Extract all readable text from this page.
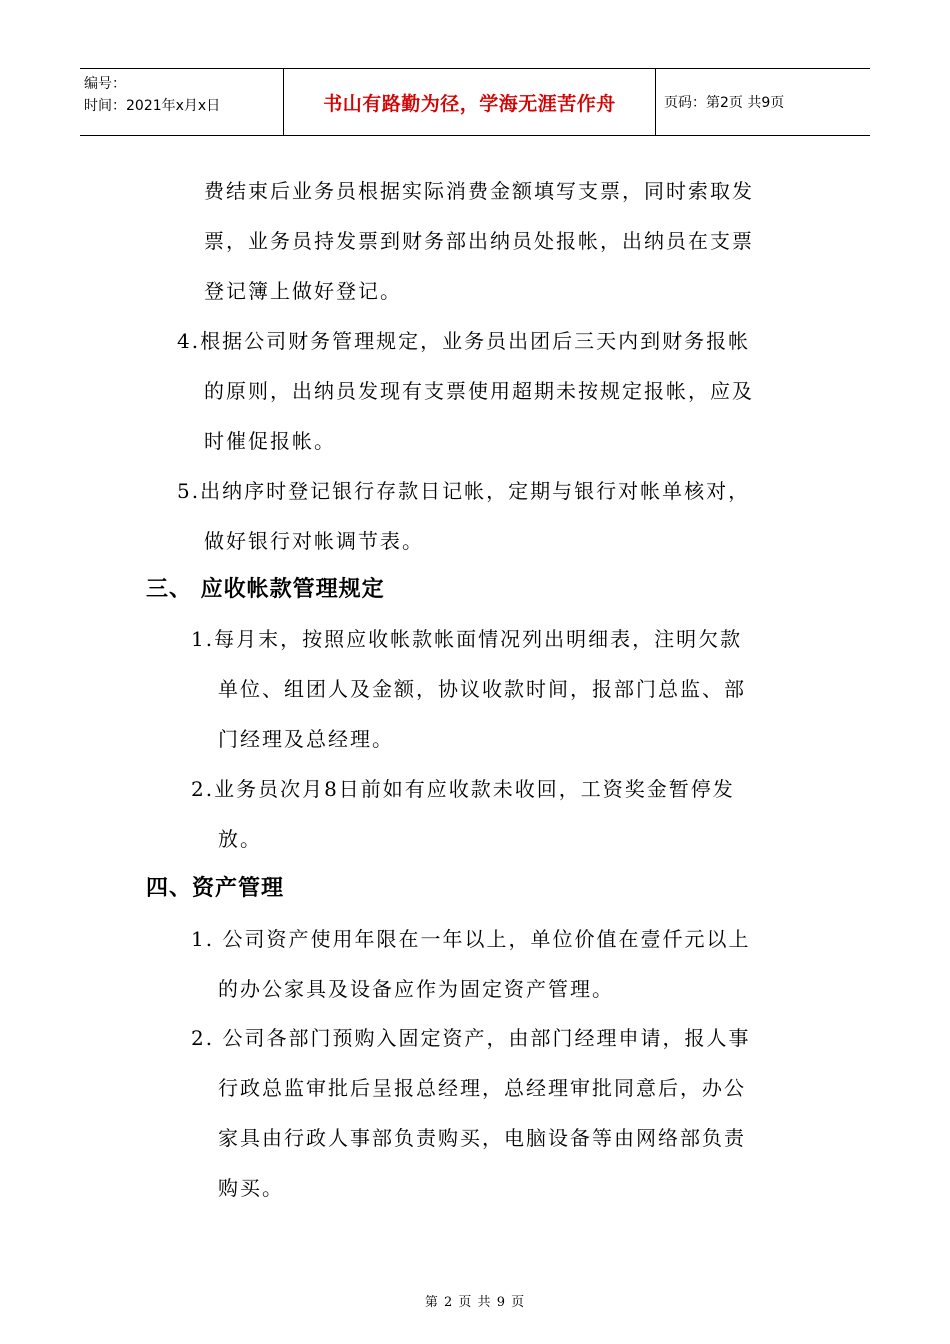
编号：
时间：2021年x月x日	书山有路勤为径，学海无涯苦作舟	页码：第2页 共9页
费结束后业务员根据实际消费金额填写支票，同时索取发
票，业务员持发票到财务部出纳员处报帐，出纳员在支票
登记簿上做好登记。
4.根据公司财务管理规定，业务员出团后三天内到财务报帐
的原则，出纳员发现有支票使用超期未按规定报帐，应及
时催促报帐。
5.出纳序时登记银行存款日记帐，定期与银行对帐单核对，
做好银行对帐调节表。
三、 应收帐款管理规定
1.每月末，按照应收帐款帐面情况列出明细表，注明欠款
单位、组团人及金额，协议收款时间，报部门总监、部
门经理及总经理。
2.业务员次月8日前如有应收款未收回，工资奖金暂停发
放。
四、资产管理
1. 公司资产使用年限在一年以上，单位价值在壹仟元以上
的办公家具及设备应作为固定资产管理。
2. 公司各部门预购入固定资产，由部门经理申请，报人事
行政总监审批后呈报总经理，总经理审批同意后，办公
家具由行政人事部负责购买，电脑设备等由网络部负责
购买。
第 2 页 共 9 页
